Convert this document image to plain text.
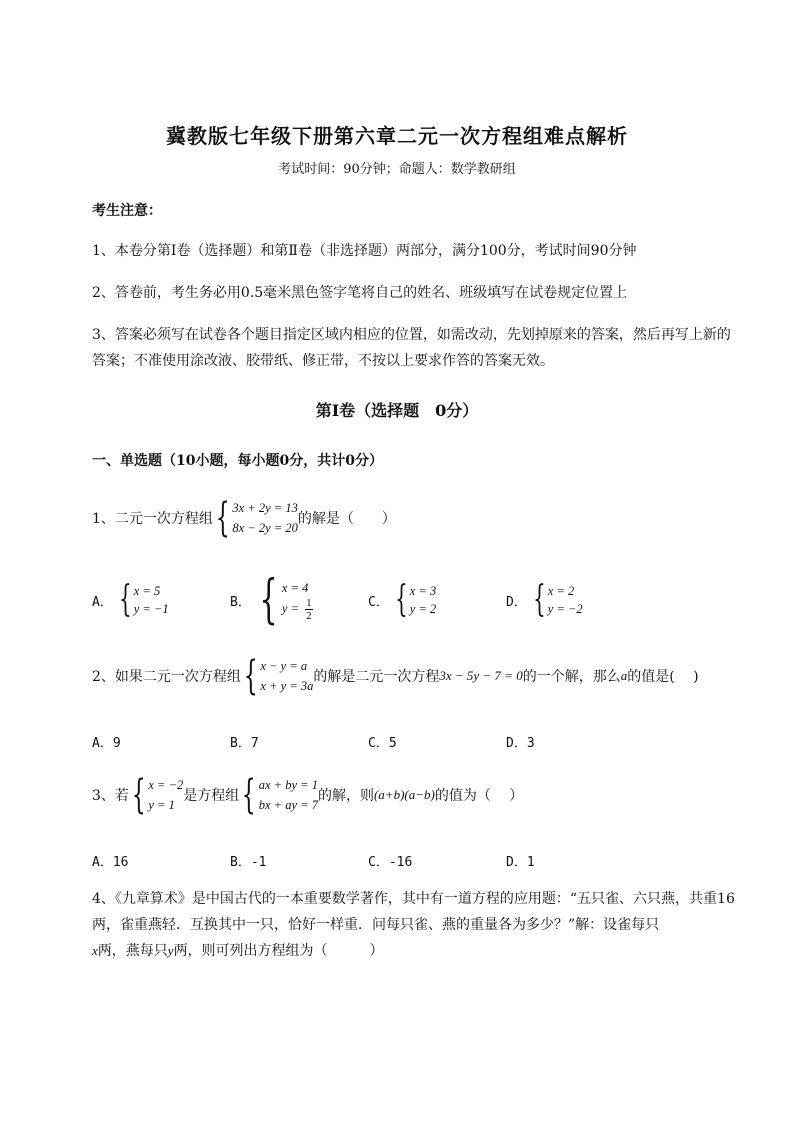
冀教版七年级下册第六章二元一次方程组难点解析
考试时间：90分钟；命题人：数学教研组
考生注意：
1、本卷分第I卷（选择题）和第Ⅱ卷（非选择题）两部分，满分100分，考试时间90分钟
2、答卷前，考生务必用0.5毫米黑色签字笔将自己的姓名、班级填写在试卷规定位置上
3、答案必须写在试卷各个题目指定区域内相应的位置，如需改动，先划掉原来的答案，然后再写上新的答案；不准使用涂改液、胶带纸、修正带，不按以上要求作答的答案无效。
第I卷（选择题　0分）
一、单选题（10小题，每小题0分，共计0分）
1、二元一次方程组 { 3x + 2y = 13
8x − 2y = 20
的解是（　　）
A． { x = 5
y = −1	B． { x = 4
$y = \frac{1}{2}$	C． { x = 3
y = 2	D． { x = 2
y = −2
2、如果二元一次方程组 { x − y = a
x + y = 3a
的解是二元一次方程3x − 5y − 7 = 0的一个解，那么a的值是(　 )
A．9	B．7	C．5	D．3
3、若 { x = −2
y = 1
是方程组 { ax + by = 1
bx + ay = 7
的解，则(a+b)(a−b)的值为（　 ）
A．16	B．-1	C．-16	D．1
4、《九章算术》是中国古代的一本重要数学著作，其中有一道方程的应用题：“五只雀、六只燕，共重16两，雀重燕轻．互换其中一只，恰好一样重．问每只雀、燕的重量各为多少？”解：设雀每只
x两，燕每只y两，则可列出方程组为（　　　）
